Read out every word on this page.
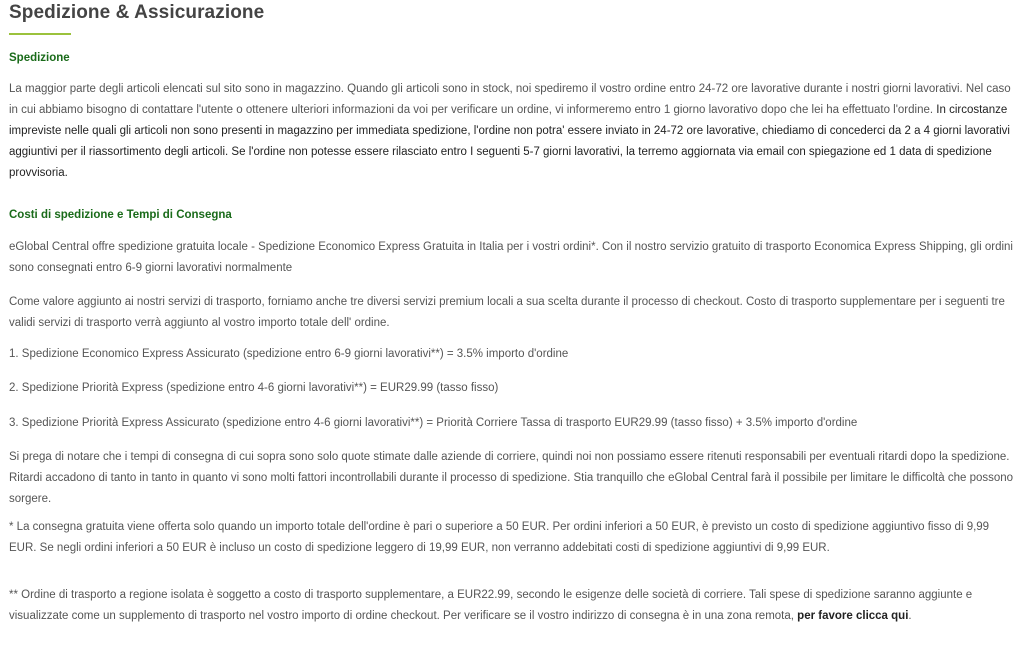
Spedizione & Assicurazione
Spedizione

La maggior parte degli articoli elencati sul sito sono in magazzino. Quando gli articoli sono in stock, noi spediremo il vostro ordine entro 24-72 ore lavorative durante i nostri giorni lavorativi. Nel caso in cui abbiamo bisogno di contattare l'utente o ottenere ulteriori informazioni da voi per verificare un ordine, vi informeremo entro 1 giorno lavorativo dopo che lei ha effettuato l'ordine. In circostanze impreviste nelle quali gli articoli non sono presenti in magazzino per immediata spedizione, l'ordine non potra' essere inviato in 24-72 ore lavorative, chiediamo di concederci da 2 a 4 giorni lavorativi aggiuntivi per il riassortimento degli articoli. Se l'ordine non potesse essere rilasciato entro I seguenti 5-7 giorni lavorativi, la terremo aggiornata via email con spiegazione ed 1 data di spedizione provvisoria.

Costi di spedizione e Tempi di Consegna

eGlobal Central offre spedizione gratuita locale - Spedizione Economico Express Gratuita in Italia per i vostri ordini*. Con il nostro servizio gratuito di trasporto Economica Express Shipping, gli ordini sono consegnati entro 6-9 giorni lavorativi normalmente

Come valore aggiunto ai nostri servizi di trasporto, forniamo anche tre diversi servizi premium locali a sua scelta durante il processo di checkout. Costo di trasporto supplementare per i seguenti tre validi servizi di trasporto verrà aggiunto al vostro importo totale dell' ordine.

1. Spedizione Economico Express Assicurato (spedizione entro 6-9 giorni lavorativi**) = 3.5% importo d'ordine

2. Spedizione Priorità Express (spedizione entro 4-6 giorni lavorativi**) = EUR29.99 (tasso fisso)

3. Spedizione Priorità Express Assicurato (spedizione entro 4-6 giorni lavorativi**) = Priorità Corriere Tassa di trasporto EUR29.99 (tasso fisso) + 3.5% importo d'ordine

Si prega di notare che i tempi di consegna di cui sopra sono solo quote stimate dalle aziende di corriere, quindi noi non possiamo essere ritenuti responsabili per eventuali ritardi dopo la spedizione. Ritardi accadono di tanto in tanto in quanto vi sono molti fattori incontrollabili durante il processo di spedizione. Stia tranquillo che eGlobal Central farà il possibile per limitare le difficoltà che possono sorgere.

* La consegna gratuita viene offerta solo quando un importo totale dell'ordine è pari o superiore a 50 EUR. Per ordini inferiori a 50 EUR, è previsto un costo di spedizione aggiuntivo fisso di 9,99 EUR. Se negli ordini inferiori a 50 EUR è incluso un costo di spedizione leggero di 19,99 EUR, non verranno addebitati costi di spedizione aggiuntivi di 9,99 EUR.

** Ordine di trasporto a regione isolata è soggetto a costo di trasporto supplementare, a EUR22.99, secondo le esigenze delle società di corriere. Tali spese di spedizione saranno aggiunte e visualizzate come un supplemento di trasporto nel vostro importo di ordine checkout. Per verificare se il vostro indirizzo di consegna è in una zona remota, per favore clicca qui.
